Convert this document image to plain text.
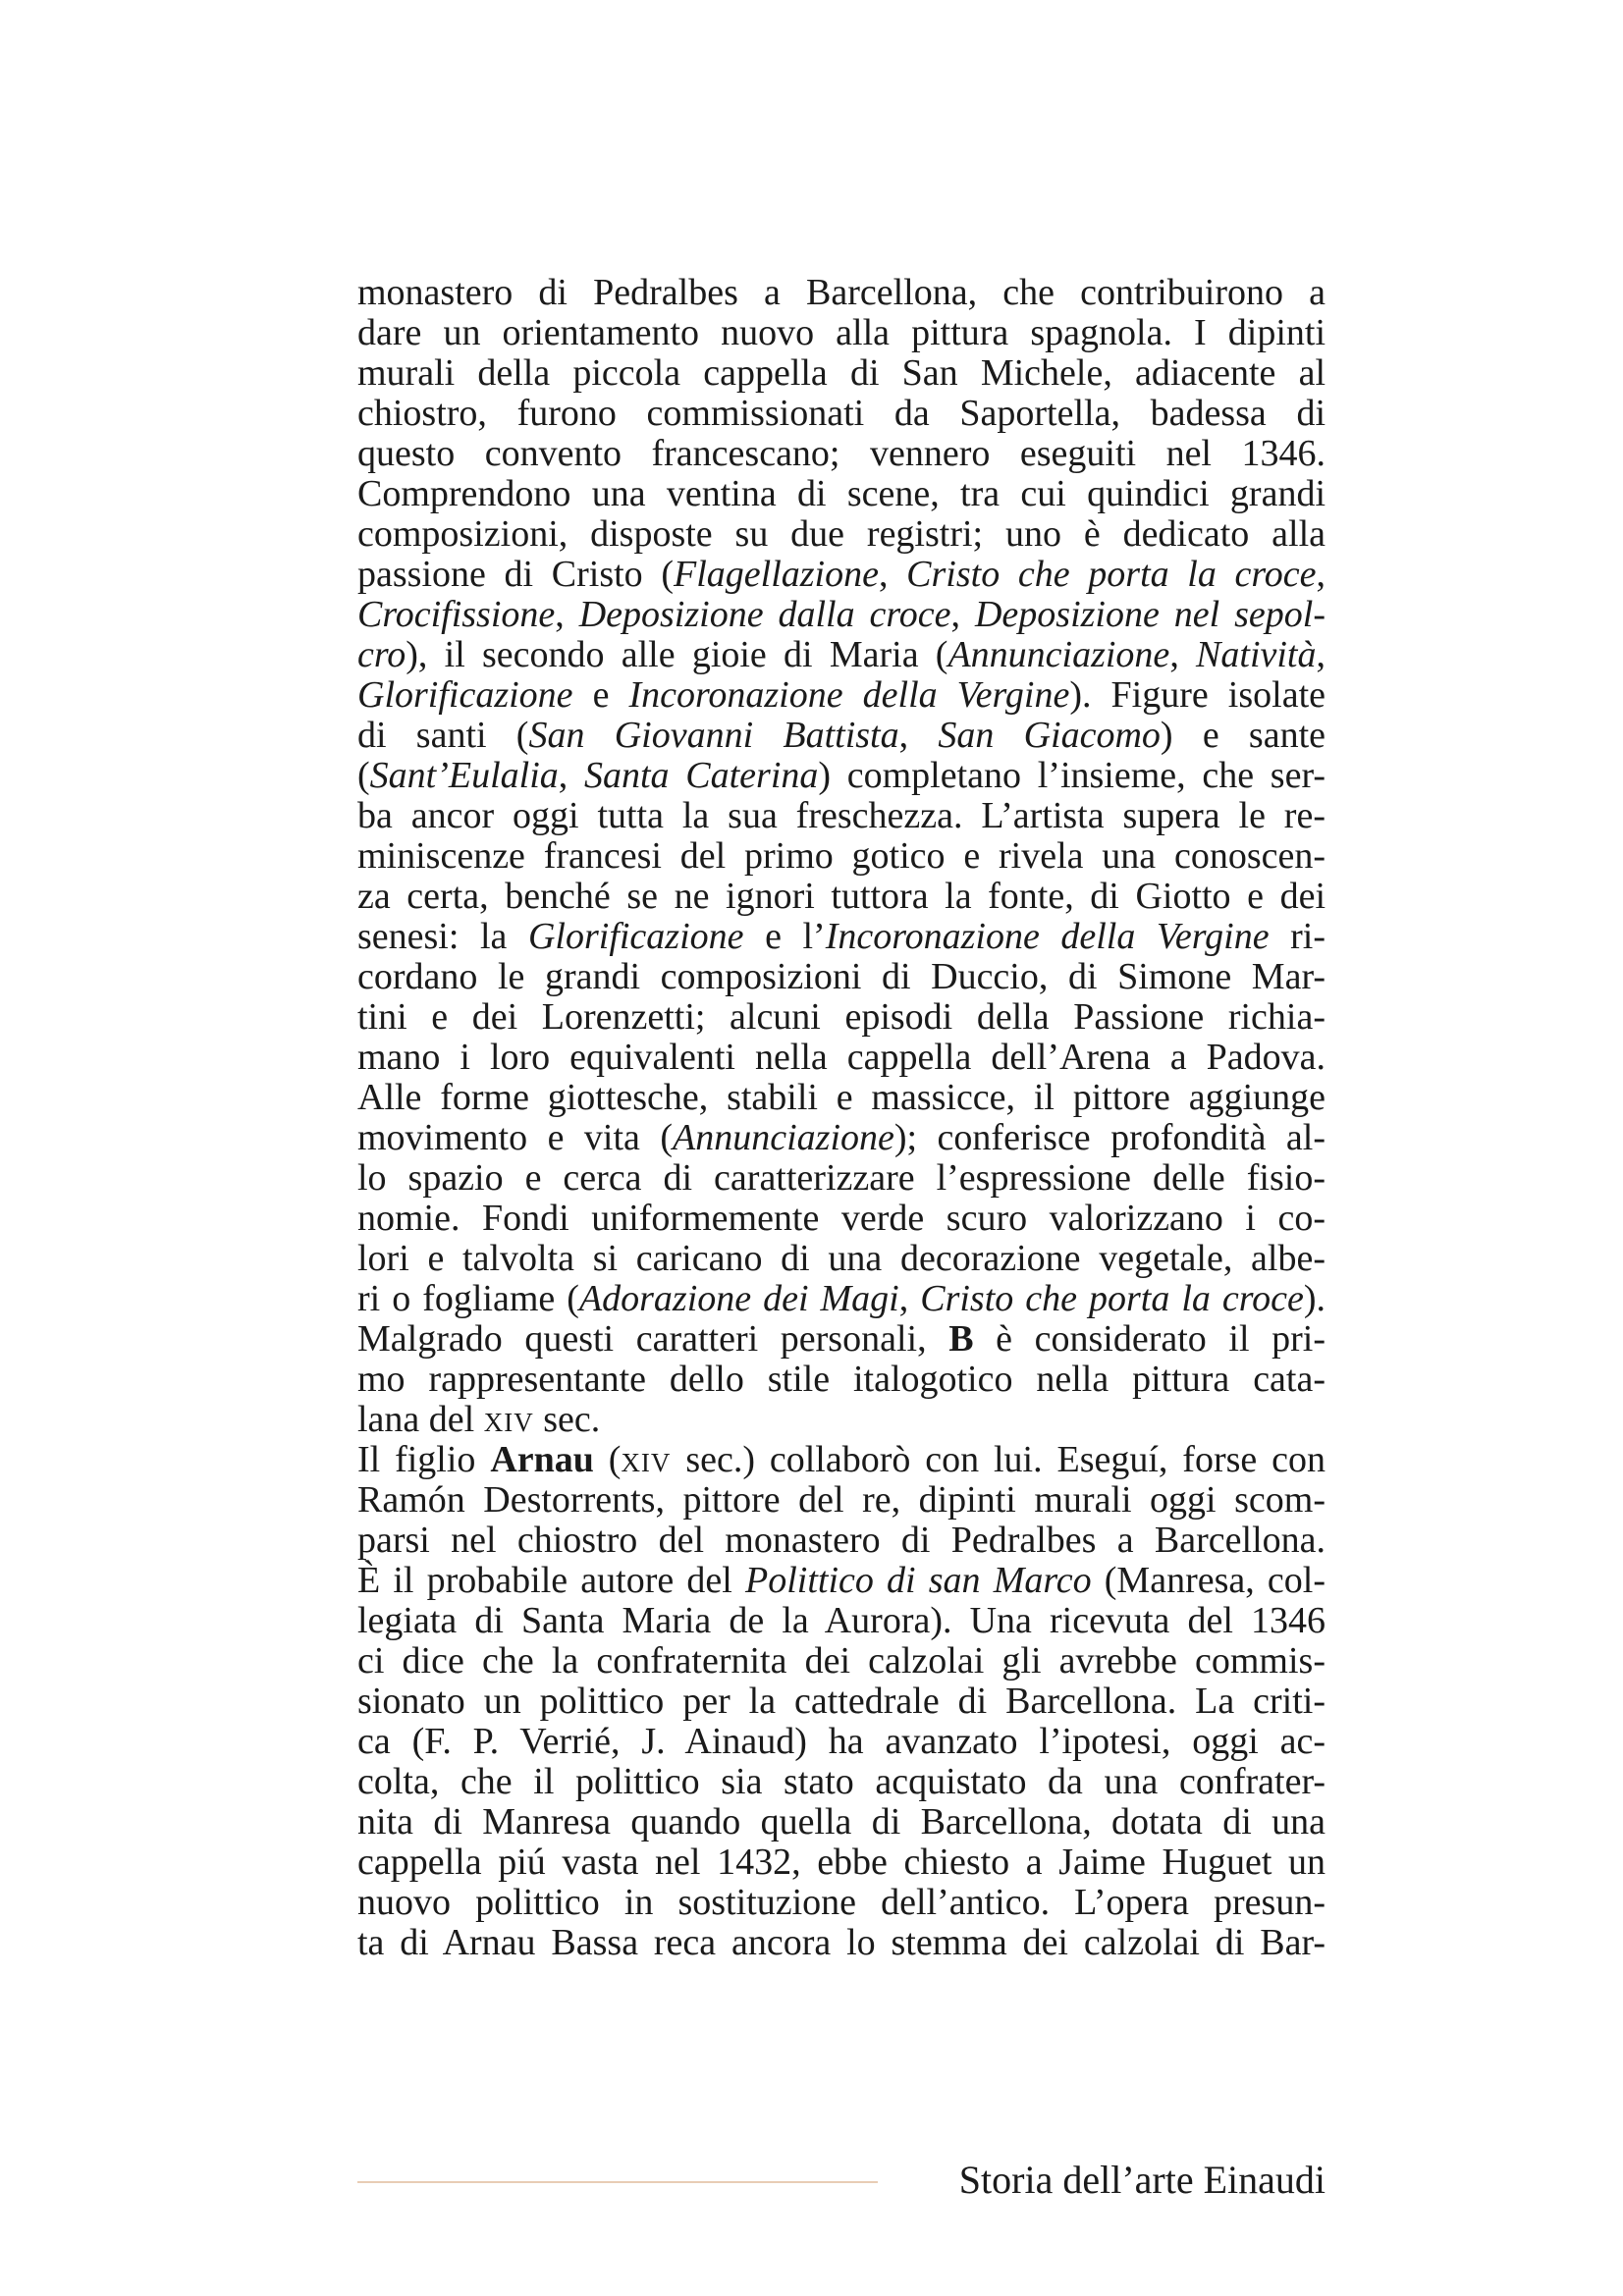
monastero di Pedralbes a Barcellona, che contribuirono a
dare un orientamento nuovo alla pittura spagnola. I dipinti
murali della piccola cappella di San Michele, adiacente al
chiostro, furono commissionati da Saportella, badessa di
questo convento francescano; vennero eseguiti nel 1346.
Comprendono una ventina di scene, tra cui quindici grandi
composizioni, disposte su due registri; uno è dedicato alla
passione di Cristo (Flagellazione, Cristo che porta la croce,
Crocifissione, Deposizione dalla croce, Deposizione nel sepol-
cro), il secondo alle gioie di Maria (Annunciazione, Natività,
Glorificazione e Incoronazione della Vergine). Figure isolate
di santi (San Giovanni Battista, San Giacomo) e sante
(Sant’Eulalia, Santa Caterina) completano l’insieme, che ser-
ba ancor oggi tutta la sua freschezza. L’artista supera le re-
miniscenze francesi del primo gotico e rivela una conoscen-
za certa, benché se ne ignori tuttora la fonte, di Giotto e dei
senesi: la Glorificazione e l’Incoronazione della Vergine ri-
cordano le grandi composizioni di Duccio, di Simone Mar-
tini e dei Lorenzetti; alcuni episodi della Passione richia-
mano i loro equivalenti nella cappella dell’Arena a Padova.
Alle forme giottesche, stabili e massicce, il pittore aggiunge
movimento e vita (Annunciazione); conferisce profondità al-
lo spazio e cerca di caratterizzare l’espressione delle fisio-
nomie. Fondi uniformemente verde scuro valorizzano i co-
lori e talvolta si caricano di una decorazione vegetale, albe-
ri o fogliame (Adorazione dei Magi, Cristo che porta la croce).
Malgrado questi caratteri personali, B è considerato il pri-
mo rappresentante dello stile italogotico nella pittura cata-
lana del xiv sec.

Il figlio Arnau (xiv sec.) collaborò con lui. Eseguí, forse con
Ramón Destorrents, pittore del re, dipinti murali oggi scom-
parsi nel chiostro del monastero di Pedralbes a Barcellona.
È il probabile autore del Polittico di san Marco (Manresa, col-
legiata di Santa Maria de la Aurora). Una ricevuta del 1346
ci dice che la confraternita dei calzolai gli avrebbe commis-
sionato un polittico per la cattedrale di Barcellona. La criti-
ca (F. P. Verrié, J. Ainaud) ha avanzato l’ipotesi, oggi ac-
colta, che il polittico sia stato acquistato da una confrater-
nita di Manresa quando quella di Barcellona, dotata di una
cappella piú vasta nel 1432, ebbe chiesto a Jaime Huguet un
nuovo polittico in sostituzione dell’antico. L’opera presun-
ta di Arnau Bassa reca ancora lo stemma dei calzolai di Bar-

Storia dell’arte Einaudi
